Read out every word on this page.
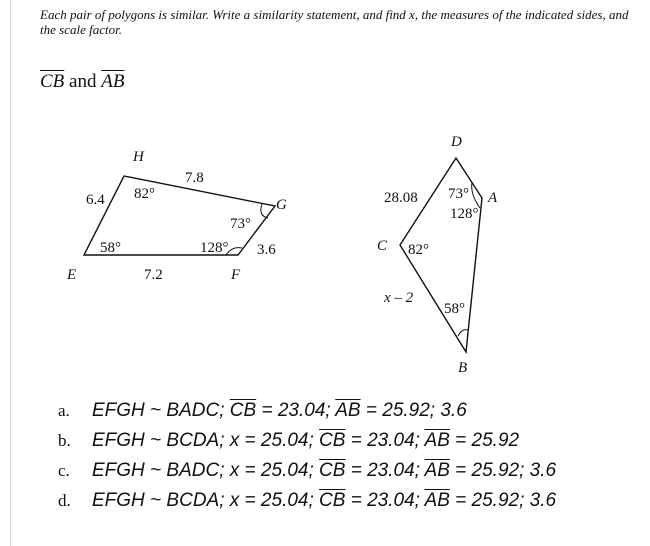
Each pair of polygons is similar. Write a similarity statement, and find x, the measures of the indicated sides, and the scale factor.
$\overline{CB}$ and $\overline{AB}$
H
G
F
E
7.8
6.4
7.2
3.6
82°
73°
128°
58°
D
A
C
B
28.08
x – 2
73°
128°
82°
58°
a. EFGH ~ BADC; $\overline{CB} = 23.04$; $\overline{AB} = 25.92$; 3.6
b. EFGH ~ BCDA; x = 25.04; $\overline{CB} = 23.04$; $\overline{AB} = 25.92$
c. EFGH ~ BADC; x = 25.04; $\overline{CB} = 23.04$; $\overline{AB} = 25.92$; 3.6
d. EFGH ~ BCDA; x = 25.04; $\overline{CB} = 23.04$; $\overline{AB} = 25.92$; 3.6
